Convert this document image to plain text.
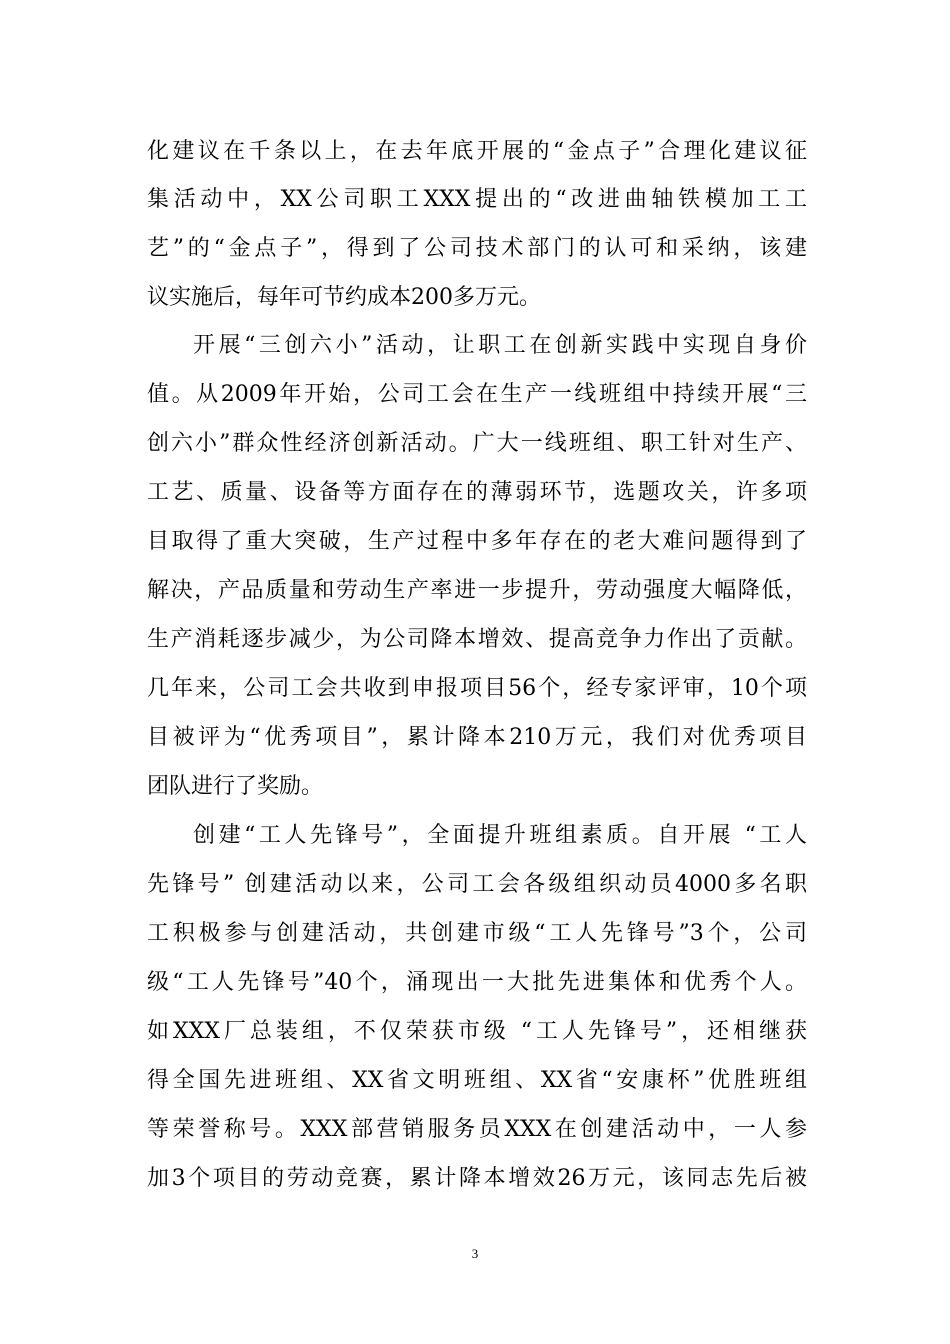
化建议在千条以上，在去年底开展的“金点子”合理化建议征
集活动中，XX公司职工XXX提出的“改进曲轴铁模加工工
艺”的“金点子”，得到了公司技术部门的认可和采纳，该建
议实施后，每年可节约成本200多万元。
开展“三创六小”活动，让职工在创新实践中实现自身价
值。从2009年开始，公司工会在生产一线班组中持续开展“三
创六小”群众性经济创新活动。广大一线班组、职工针对生产、
工艺、质量、设备等方面存在的薄弱环节，选题攻关，许多项
目取得了重大突破，生产过程中多年存在的老大难问题得到了
解决，产品质量和劳动生产率进一步提升，劳动强度大幅降低，
生产消耗逐步减少，为公司降本增效、提高竞争力作出了贡献。
几年来，公司工会共收到申报项目56个，经专家评审，10个项
目被评为“优秀项目”，累计降本210万元，我们对优秀项目
团队进行了奖励。
创建“工人先锋号”，全面提升班组素质。自开展 “工人
先锋号” 创建活动以来，公司工会各级组织动员4000多名职
工积极参与创建活动，共创建市级“工人先锋号”3个，公司
级“工人先锋号”40个，涌现出一大批先进集体和优秀个人。
如XXX厂总装组，不仅荣获市级 “工人先锋号”，还相继获
得全国先进班组、XX省文明班组、XX省“安康杯”优胜班组
等荣誉称号。XXX部营销服务员XXX在创建活动中，一人参
加3个项目的劳动竞赛，累计降本增效26万元，该同志先后被
3
